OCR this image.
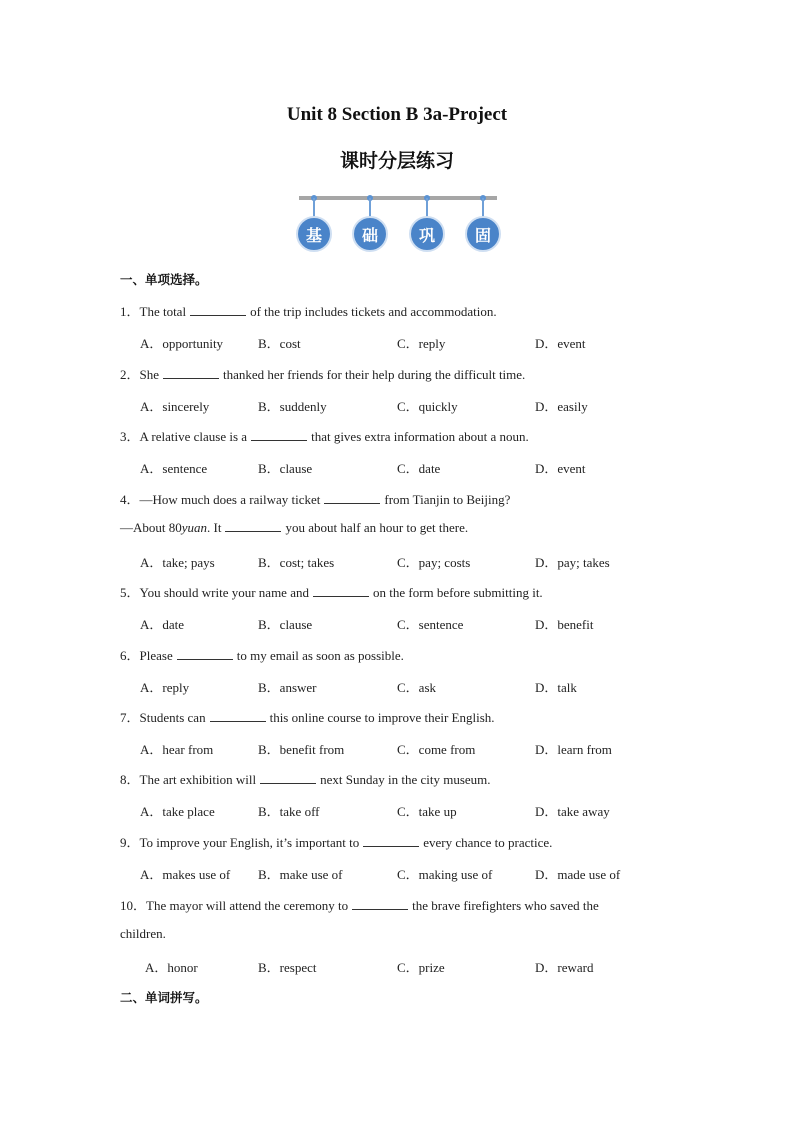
Unit 8 Section B 3a-Project
课时分层练习
基	础	巩	固
一、单项选择。
1．The total	of the trip includes tickets and accommodation.
A．opportunity	B．cost	C．reply	D．event
2．She	thanked her friends for their help during the difficult time.
A．sincerely	B．suddenly	C．quickly	D．easily
3．A relative clause is a	that gives extra information about a noun.
A．sentence	B．clause	C．date	D．event
4．—How much does a railway ticket	from Tianjin to Beijing?
—About 80yuan. It	you about half an hour to get there.
A．take; pays	B．cost; takes	C．pay; costs	D．pay; takes
5．You should write your name and	on the form before submitting it.
A．date	B．clause	C．sentence	D．benefit
6．Please	to my email as soon as possible.
A．reply	B．answer	C．ask	D．talk
7．Students can	this online course to improve their English.
A．hear from	B．benefit from	C．come from	D．learn from
8．The art exhibition will	next Sunday in the city museum.
A．take place	B．take off	C．take up	D．take away
9．To improve your English, it’s important to	every chance to practice.
A．makes use of B．make use of	C．making use of	D．made use of
10．The mayor will attend the ceremony to	the brave firefighters who saved the
children.
A．honor	B．respect	C．prize	D．reward
二、单词拼写。
